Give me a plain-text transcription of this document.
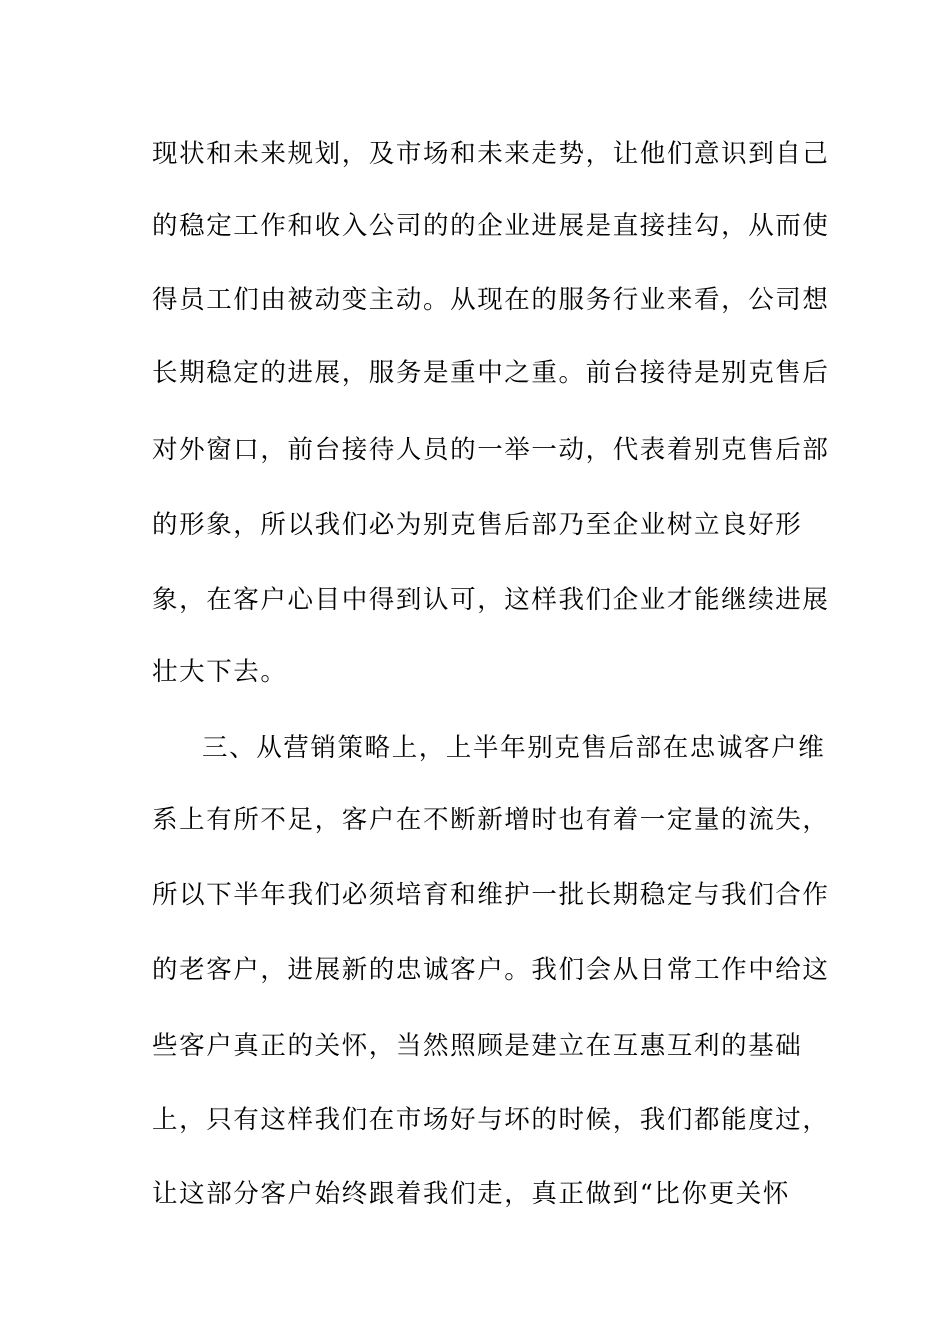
现状和未来规划，及市场和未来走势，让他们意识到自己
的稳定工作和收入公司的的企业进展是直接挂勾，从而使
得员工们由被动变主动。从现在的服务行业来看，公司想
长期稳定的进展，服务是重中之重。前台接待是别克售后
对外窗口，前台接待人员的一举一动，代表着别克售后部
的形象，所以我们必为别克售后部乃至企业树立良好形
象，在客户心目中得到认可，这样我们企业才能继续进展
壮大下去。
三、从营销策略上，上半年别克售后部在忠诚客户维
系上有所不足，客户在不断新增时也有着一定量的流失，
所以下半年我们必须培育和维护一批长期稳定与我们合作
的老客户，进展新的忠诚客户。我们会从日常工作中给这
些客户真正的关怀，当然照顾是建立在互惠互利的基础
上，只有这样我们在市场好与坏的时候，我们都能度过，
让这部分客户始终跟着我们走，真正做到“比你更关怀
